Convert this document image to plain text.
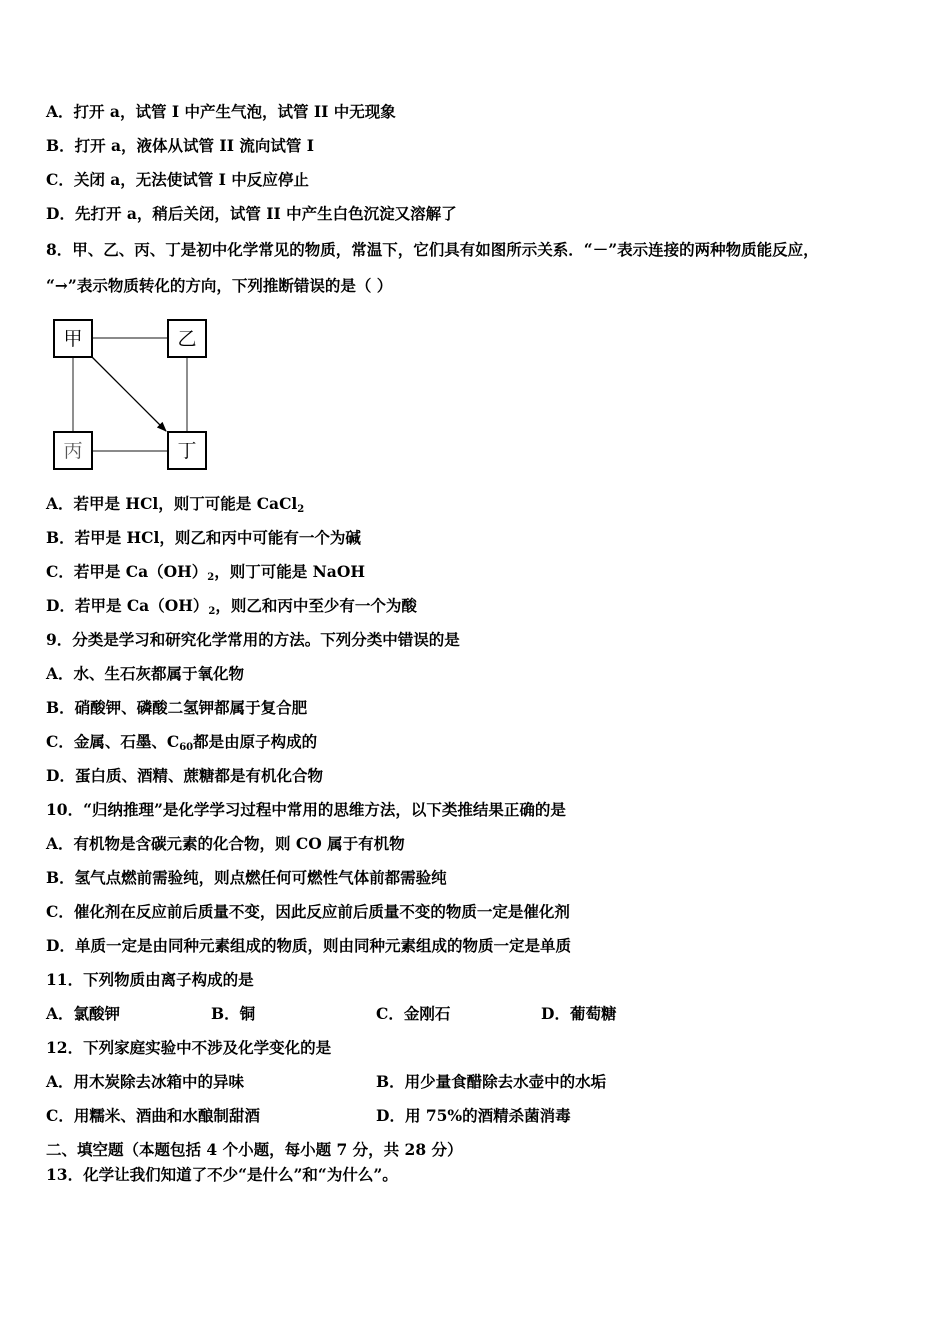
A．打开 a，试管 I 中产生气泡，试管 II 中无现象
B．打开 a，液体从试管 II 流向试管 I
C．关闭 a，无法使试管 I 中反应停止
D．先打开 a，稍后关闭，试管 II 中产生白色沉淀又溶解了
8．甲、乙、丙、丁是初中化学常见的物质，常温下，它们具有如图所示关系．“－”表示连接的两种物质能反应，
“→”表示物质转化的方向，下列推断错误的是（ ）
甲	乙
丙	丁
A．若甲是 HCl，则丁可能是 CaCl$_2$
B．若甲是 HCl，则乙和丙中可能有一个为碱
C．若甲是 $Ca(OH)_2$，则丁可能是 NaOH
D．若甲是 $Ca(OH)_2$，则乙和丙中至少有一个为酸
9．分类是学习和研究化学常用的方法。下列分类中错误的是
A．水、生石灰都属于氧化物
B．硝酸钾、磷酸二氢钾都属于复合肥
C．金属、石墨、$C_{60}$都是由原子构成的
D．蛋白质、酒精、蔗糖都是有机化合物
10．“归纳推理”是化学学习过程中常用的思维方法，以下类推结果正确的是
A．有机物是含碳元素的化合物，则 CO 属于有机物
B．氢气点燃前需验纯，则点燃任何可燃性气体前都需验纯
C．催化剂在反应前后质量不变，因此反应前后质量不变的物质一定是催化剂
D．单质一定是由同种元素组成的物质，则由同种元素组成的物质一定是单质
11．下列物质由离子构成的是
A．氯酸钾	B．铜	C．金刚石	D．葡萄糖
12．下列家庭实验中不涉及化学变化的是
A．用木炭除去冰箱中的异味	B．用少量食醋除去水壶中的水垢
C．用糯米、酒曲和水酿制甜酒	D．用 75%的酒精杀菌消毒
二、填空题（本题包括 4 个小题，每小题 7 分，共 28 分）
13．化学让我们知道了不少“是什么”和“为什么”。
